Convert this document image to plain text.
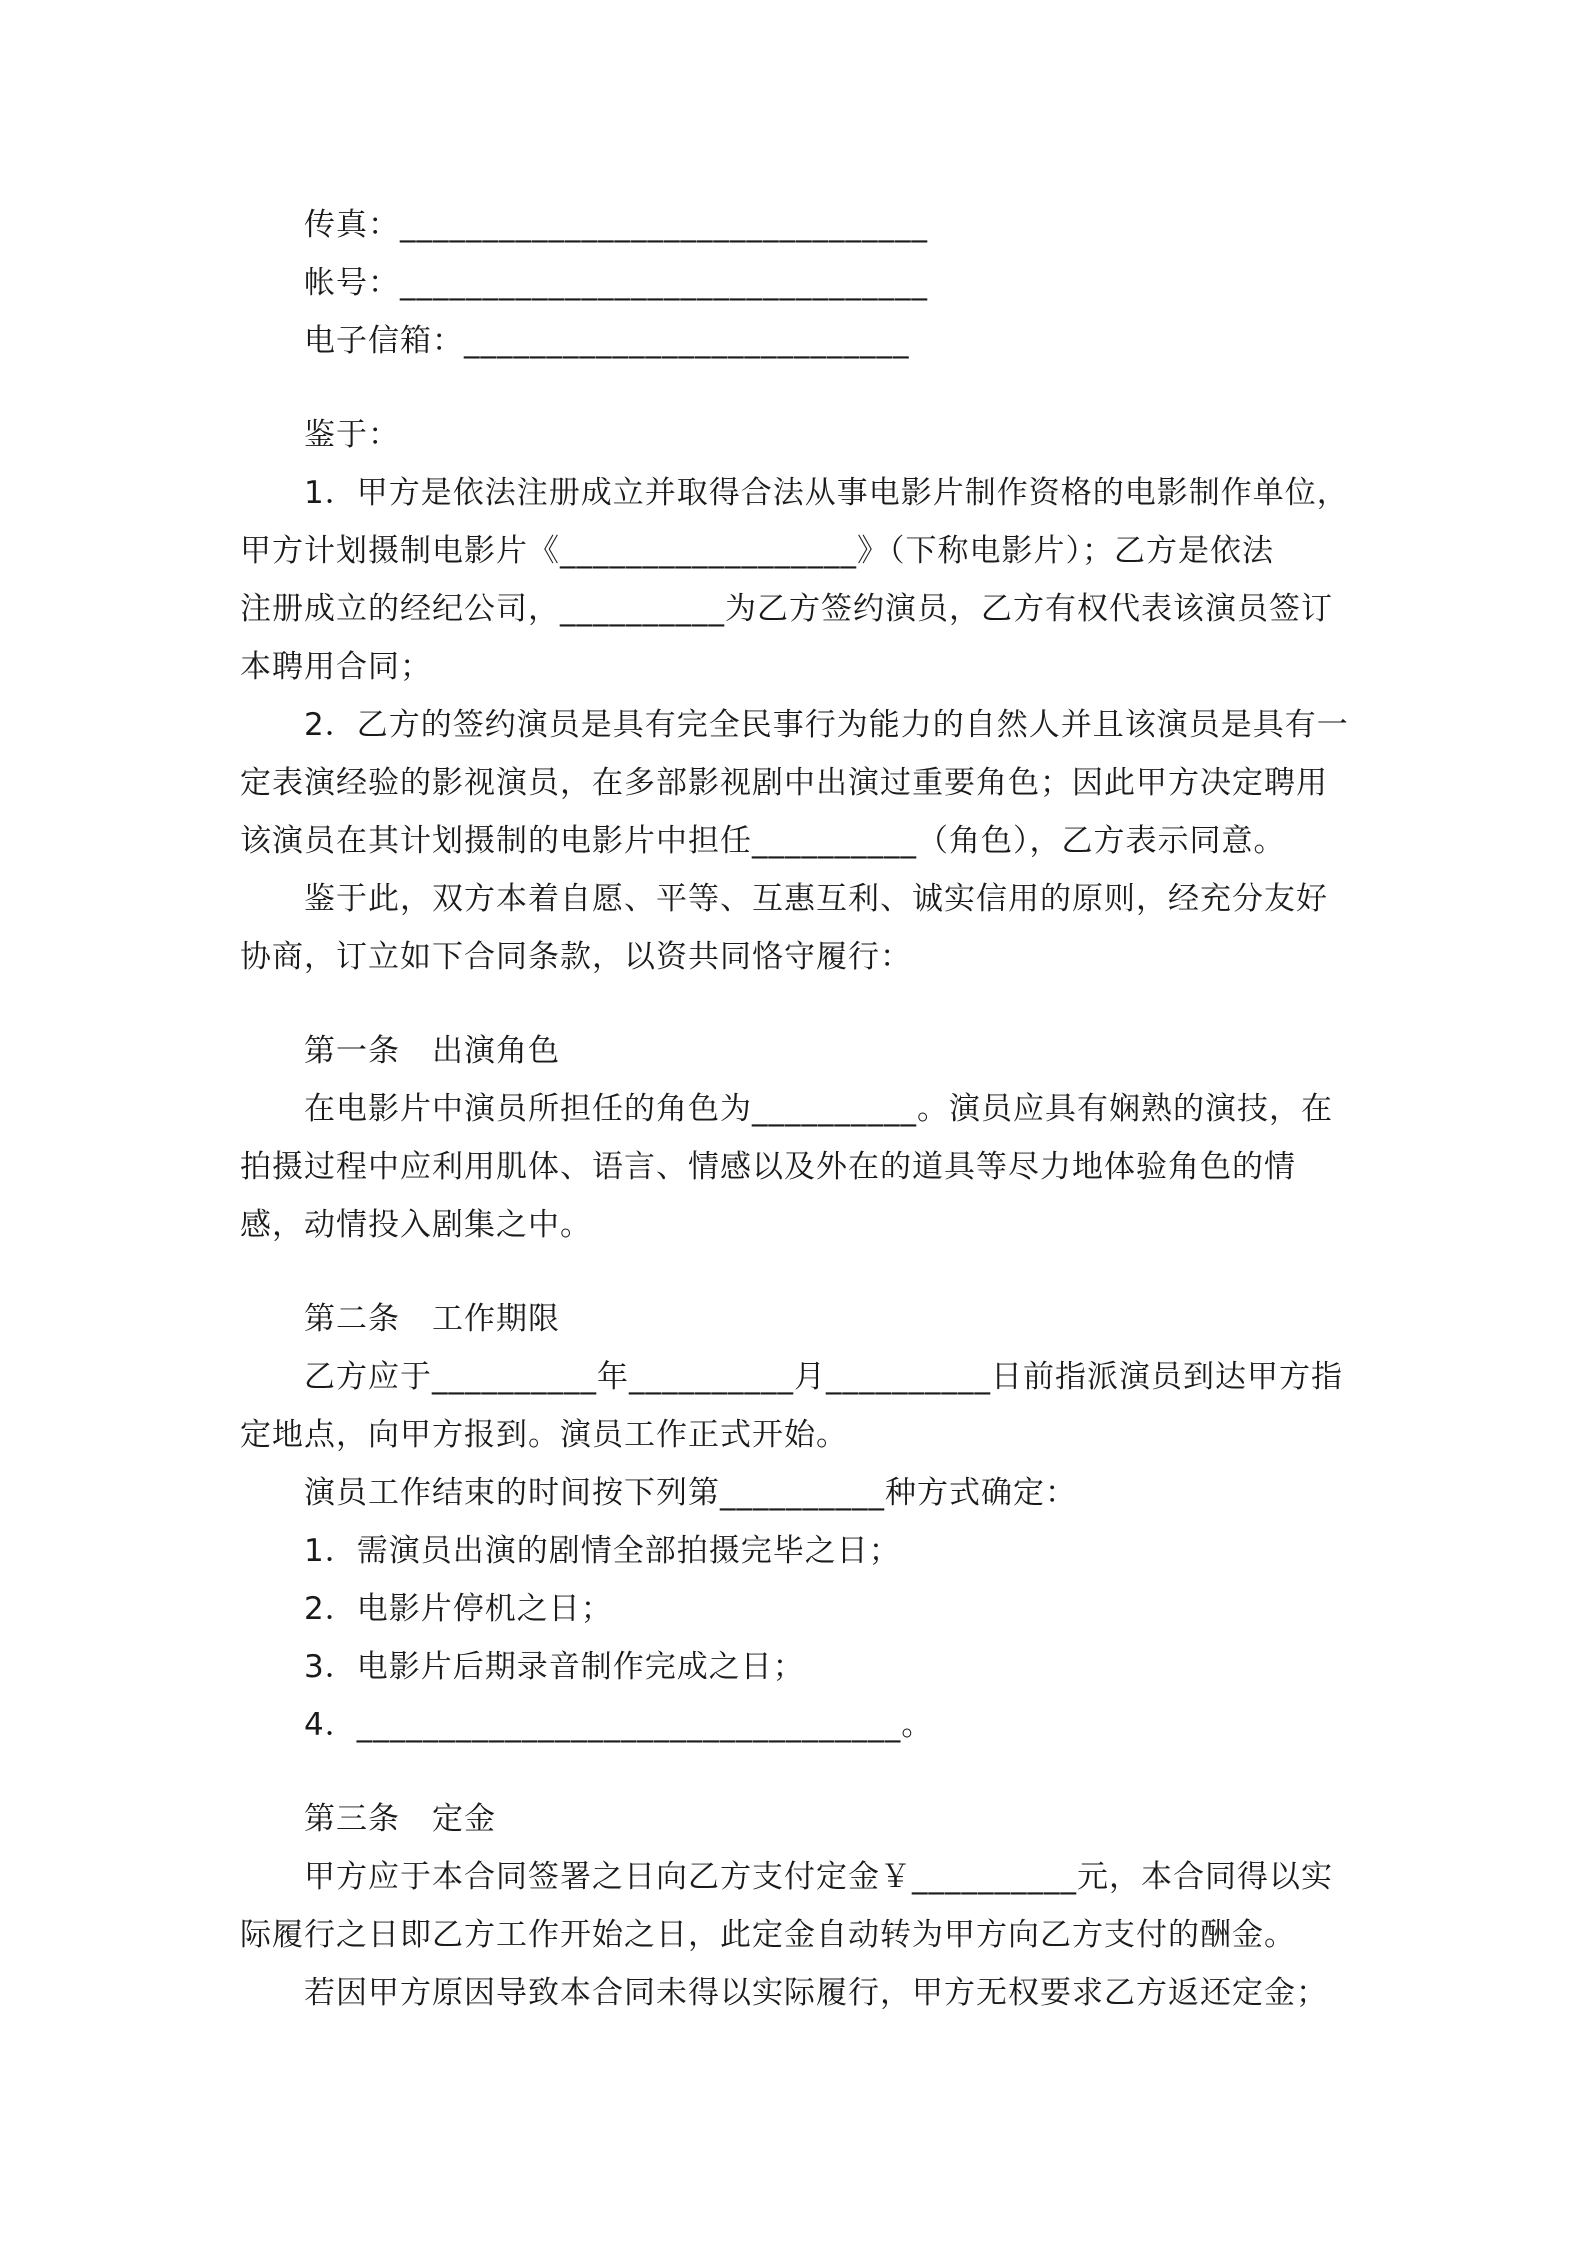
传真：________________________________
帐号：________________________________
电子信箱：___________________________
鉴于：
1．甲方是依法注册成立并取得合法从事电影片制作资格的电影制作单位，
甲方计划摄制电影片《__________________》（下称电影片）；乙方是依法
注册成立的经纪公司，__________为乙方签约演员，乙方有权代表该演员签订
本聘用合同；
2．乙方的签约演员是具有完全民事行为能力的自然人并且该演员是具有一
定表演经验的影视演员，在多部影视剧中出演过重要角色；因此甲方决定聘用
该演员在其计划摄制的电影片中担任__________（角色），乙方表示同意。
鉴于此，双方本着自愿、平等、互惠互利、诚实信用的原则，经充分友好
协商，订立如下合同条款，以资共同恪守履行：
第一条　出演角色
在电影片中演员所担任的角色为__________。演员应具有娴熟的演技，在
拍摄过程中应利用肌体、语言、情感以及外在的道具等尽力地体验角色的情
感，动情投入剧集之中。
第二条　工作期限
乙方应于__________年__________月__________日前指派演员到达甲方指
定地点，向甲方报到。演员工作正式开始。
演员工作结束的时间按下列第__________种方式确定：
1．需演员出演的剧情全部拍摄完毕之日；
2．电影片停机之日；
3．电影片后期录音制作完成之日；
4．_________________________________。
第三条　定金
甲方应于本合同签署之日向乙方支付定金￥__________元，本合同得以实
际履行之日即乙方工作开始之日，此定金自动转为甲方向乙方支付的酬金。
若因甲方原因导致本合同未得以实际履行，甲方无权要求乙方返还定金；
